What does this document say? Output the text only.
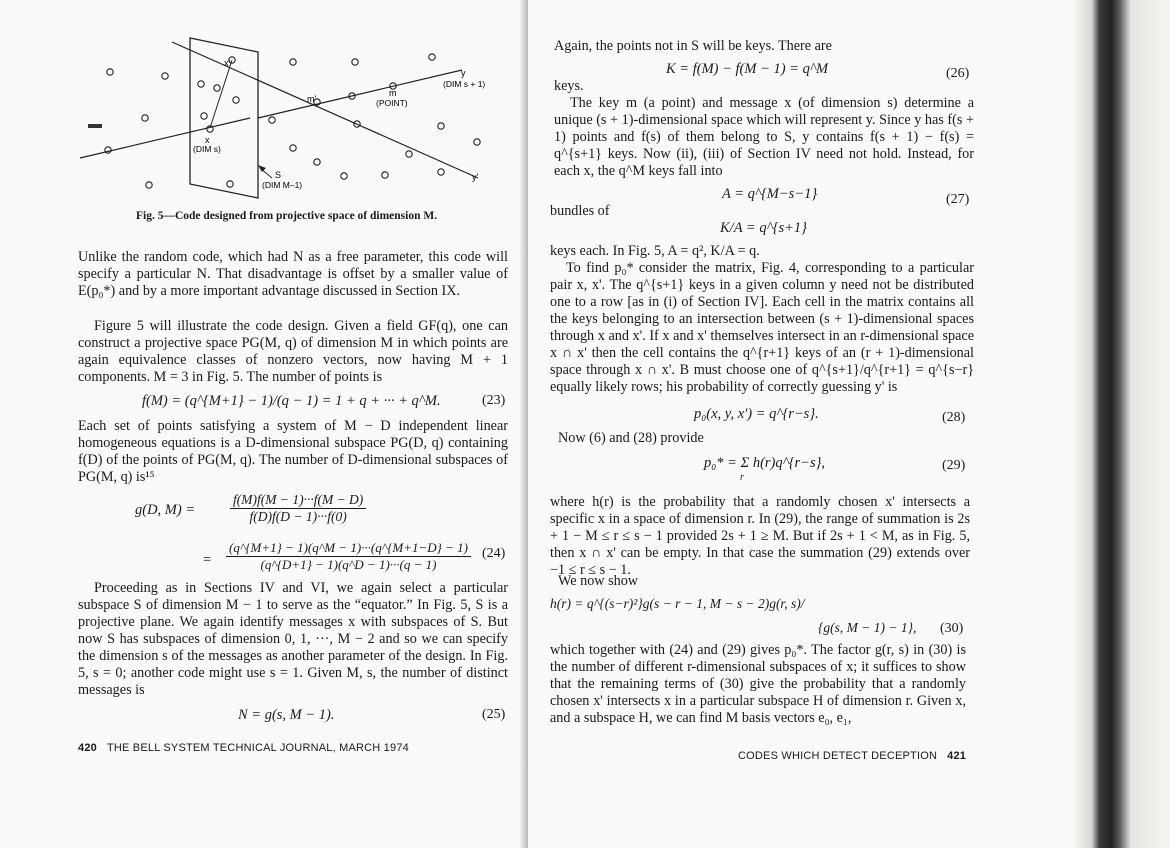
x'
m'
m
(POINT)
y
(DIM s + 1)
x
(DIM s)
S
(DIM M–1)
y'
Fig. 5—Code designed from projective space of dimension M.

Unlike the random code, which had N as a free parameter, this code will specify a particular N. That disadvantage is offset by a smaller value of E(p₀*) and by a more important advantage discussed in Section IX.

Figure 5 will illustrate the code design. Given a field GF(q), one can construct a projective space PG(M, q) of dimension M in which points are again equivalence classes of nonzero vectors, now having M + 1 components. M = 3 in Fig. 5. The number of points is

f(M) = (q^{M+1} − 1)/(q − 1) = 1 + q + ··· + q^M.	(23)

Each set of points satisfying a system of M − D independent linear homogeneous equations is a D-dimensional subspace PG(D, q) containing f(D) of the points of PG(M, q). The number of D-dimensional subspaces of PG(M, q) is¹⁵

g(D, M) =	$\frac{f(M)f(M - 1)\cdot\cdot\cdot f(M - D)}{f(D)f(D - 1)\cdot\cdot\cdot f(0)}$
= $\frac{(q\^{}\{M+1\} - 1)(q\^{}M - 1)\cdot\cdot\cdot(q\^{}\{M+1-D\} - 1)}{(q\^{}\{D+1\} - 1)(q\^{}D - 1)\cdot\cdot\cdot(q - 1)} (24)$

Proceeding as in Sections IV and VI, we again select a particular subspace S of dimension M − 1 to serve as the “equator.” In Fig. 5, S is a projective plane. We again identify messages x with subspaces of S. But now S has subspaces of dimension 0, 1, ···, M − 2 and so we can specify the dimension s of the messages as another parameter of the design. In Fig. 5, s = 0; another code might use s = 1. Given M, s, the number of distinct messages is

N = g(s, M − 1).	(25)
420 THE BELL SYSTEM TECHNICAL JOURNAL, MARCH 1974

Again, the points not in S will be keys. There are

K = f(M) − f(M − 1) = q^M	(26)
keys.

The key m (a point) and message x (of dimension s) determine a unique (s + 1)-dimensional space which will represent y. Since y has f(s + 1) points and f(s) of them belong to S, y contains f(s + 1) − f(s) = q^{s+1} keys. Now (ii), (iii) of Section IV need not hold. Instead, for each x, the q^M keys fall into

A = q^{M−s−1}	(27)
bundles of
K/A = q^{s+1}

keys each. In Fig. 5, A = q², K/A = q.

To find p₀* consider the matrix, Fig. 4, corresponding to a particular pair x, x'. The q^{s+1} keys in a given column y need not be distributed one to a row [as in (i) of Section IV]. Each cell in the matrix contains all the keys belonging to an intersection between (s + 1)-dimensional spaces through x and x'. If x and x' themselves intersect in an r-dimensional space x ∩ x' then the cell contains the q^{r+1} keys of an (r + 1)-dimensional space through x ∩ x'. B must choose one of q^{s+1}/q^{r+1} = q^{s−r} equally likely rows; his probability of correctly guessing y' is

p₀(x, y, x') = q^{r−s}.	(28)
Now (6) and (28) provide
p₀* = Σ h(r)q^{r−s},
r
(29)

where h(r) is the probability that a randomly chosen x' intersects a specific x in a space of dimension r. In (29), the range of summation is 2s + 1 − M ≤ r ≤ s − 1 provided 2s + 1 ≥ M. But if 2s + 1 < M, as in Fig. 5, then x ∩ x' can be empty. In that case the summation (29) extends over −1 ≤ r ≤ s − 1.

We now show
h(r) = q^{(s−r)²}g(s − r − 1, M − s − 2)g(r, s)/
{g(s, M − 1) − 1}, (30)

which together with (24) and (29) gives p₀*. The factor g(r, s) in (30) is the number of different r-dimensional subspaces of x; it suffices to show that the remaining terms of (30) give the probability that a randomly chosen x' intersects x in a particular subspace H of dimension r. Given x, and a subspace H, we can find M basis vectors e₀, e₁,

CODES WHICH DETECT DECEPTION 421
